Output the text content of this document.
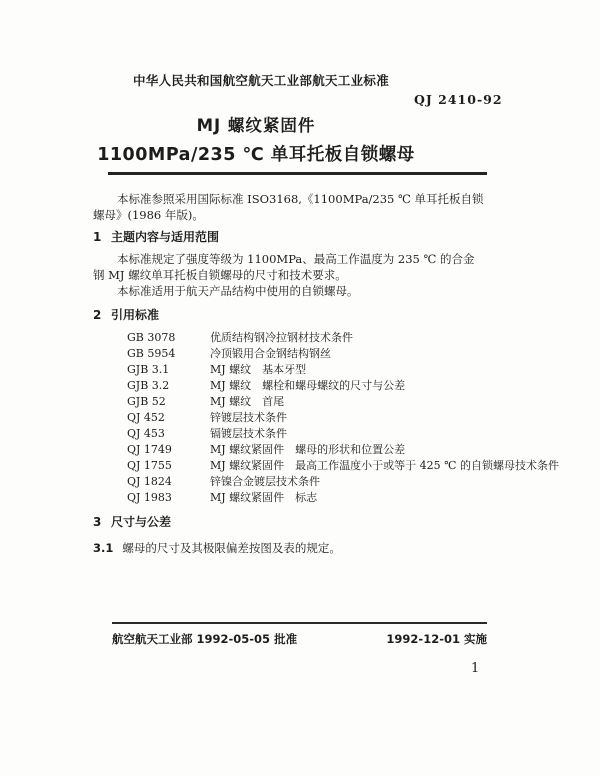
中华人民共和国航空航天工业部航天工业标准
QJ 2410-92
MJ 螺纹紧固件
1100MPa/235 ℃ 单耳托板自锁螺母

本标准参照采用国际标准 ISO3168,《1100MPa/235 ℃ 单耳托板自锁螺母》(1986 年版)。

1 主题内容与适用范围

本标准规定了强度等级为 1100MPa、最高工作温度为 235 ℃ 的合金钢 MJ 螺纹单耳托板自锁螺母的尺寸和技术要求。

本标准适用于航天产品结构中使用的自锁螺母。

2 引用标准
GB 3078	优质结构钢冷拉钢材技术条件
GB 5954	冷顶锻用合金钢结构钢丝
GJB 3.1	MJ 螺纹　基本牙型
GJB 3.2	MJ 螺纹　螺栓和螺母螺纹的尺寸与公差
GJB 52	MJ 螺纹　首尾
QJ 452	锌镀层技术条件
QJ 453	镉镀层技术条件
QJ 1749	MJ 螺纹紧固件　螺母的形状和位置公差
QJ 1755	MJ 螺纹紧固件　最高工作温度小于或等于 425 ℃ 的自锁螺母技术条件
QJ 1824	锌镍合金镀层技术条件
QJ 1983	MJ 螺纹紧固件　标志
3 尺寸与公差

3.1 螺母的尺寸及其极限偏差按图及表的规定。

航空航天工业部 1992-05-05 批准	1992-12-01 实施
1
